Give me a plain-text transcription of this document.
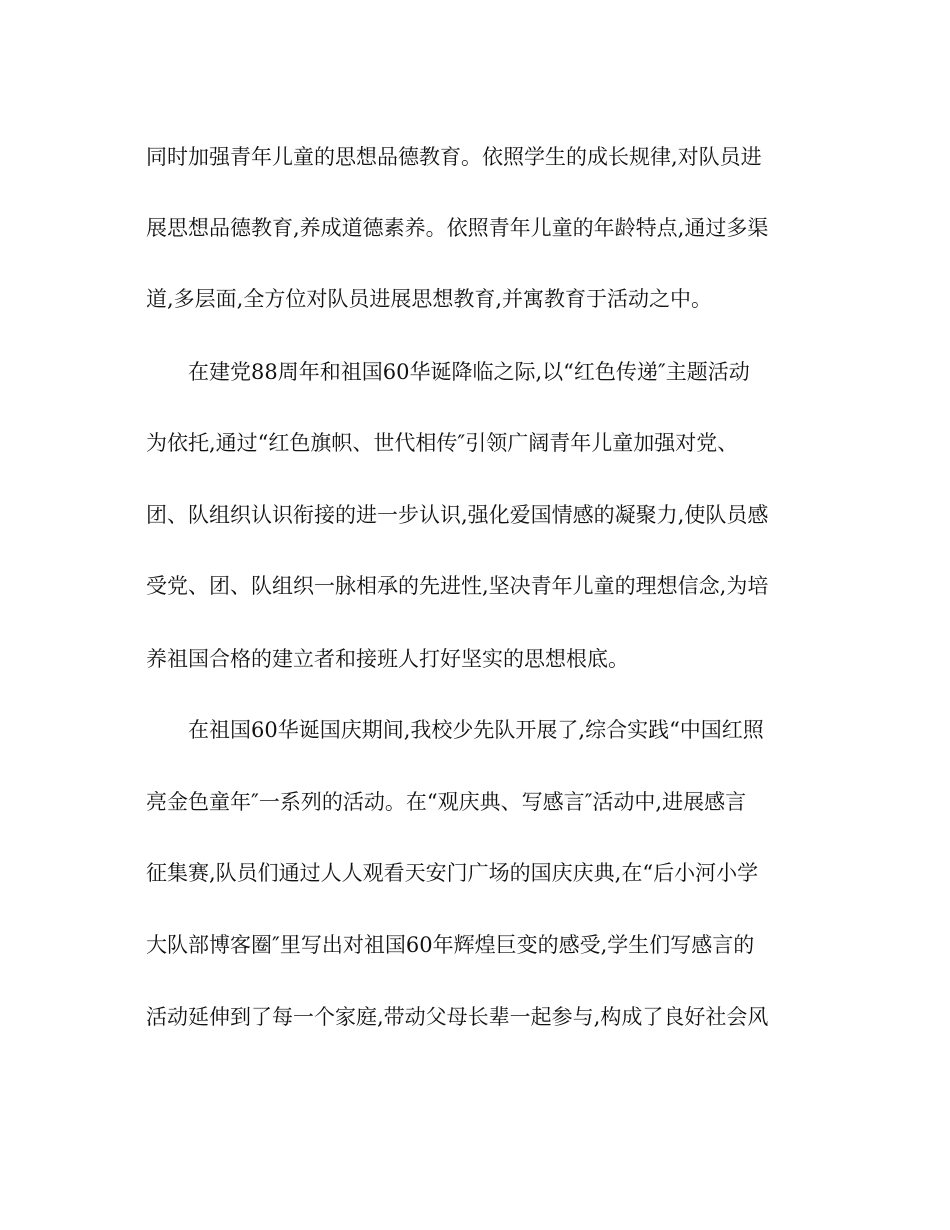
同时加强青年儿童的思想品德教育。依照学生的成长规律,对队员进
展思想品德教育,养成道德素养。依照青年儿童的年龄特点,通过多渠
道,多层面,全方位对队员进展思想教育,并寓教育于活动之中。
在建党88周年和祖国60华诞降临之际,以“红色传递″主题活动
为依托,通过“红色旗帜、世代相传″引领广阔青年儿童加强对党、
团、队组织认识衔接的进一步认识,强化爱国情感的凝聚力,使队员感
受党、团、队组织一脉相承的先进性,坚决青年儿童的理想信念,为培
养祖国合格的建立者和接班人打好坚实的思想根底。
在祖国60华诞国庆期间,我校少先队开展了,综合实践“中国红照
亮金色童年″一系列的活动。在“观庆典、写感言″活动中,进展感言
征集赛,队员们通过人人观看天安门广场的国庆庆典,在“后小河小学
大队部博客圈″里写出对祖国60年辉煌巨变的感受,学生们写感言的
活动延伸到了每一个家庭,带动父母长辈一起参与,构成了良好社会风
